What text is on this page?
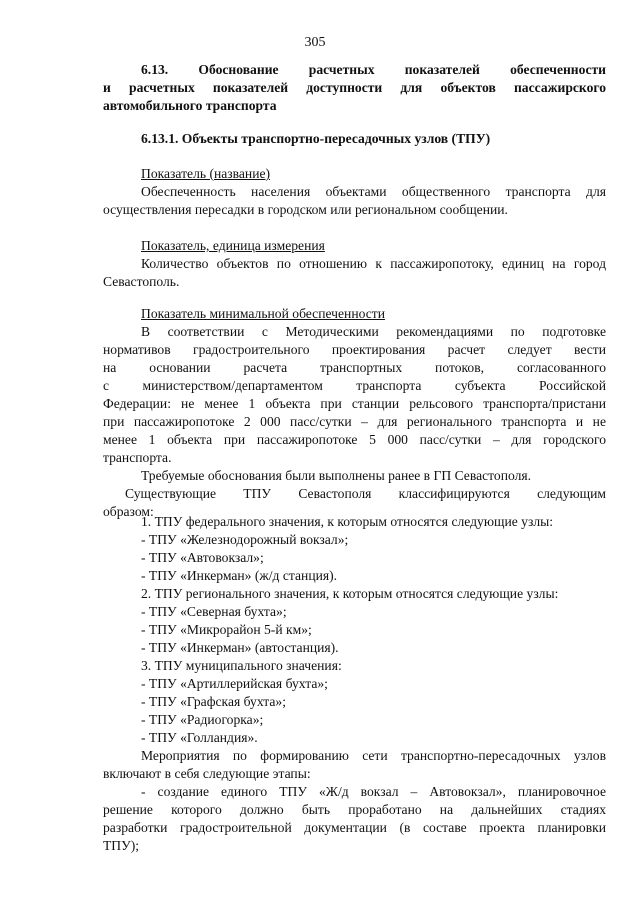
305
6.13. Обоснование расчетных показателей обеспеченности
и расчетных показателей доступности для объектов пассажирского
автомобильного транспорта
6.13.1. Объекты транспортно-пересадочных узлов (ТПУ)
Показатель (название)
Обеспеченность населения объектами общественного транспорта для осуществления пересадки в городском или региональном сообщении.
Показатель, единица измерения
Количество объектов по отношению к пассажиропотоку, единиц на город Севастополь.
Показатель минимальной обеспеченности
В соответствии с Методическими рекомендациями по подготовке
нормативов градостроительного проектирования расчет следует вести
на основании расчета транспортных потоков, согласованного
с министерством/департаментом транспорта субъекта Российской
Федерации: не менее 1 объекта при станции рельсового транспорта/пристани
при пассажиропотоке 2 000 пасс/сутки – для регионального транспорта и не
менее 1 объекта при пассажиропотоке 5 000 пасс/сутки – для городского
транспорта.
Требуемые обоснования были выполнены ранее в ГП Севастополя.
Существующие ТПУ Севастополя классифицируются следующим
образом:
1. ТПУ федерального значения, к которым относятся следующие узлы:
- ТПУ «Железнодорожный вокзал»;
- ТПУ «Автовокзал»;
- ТПУ «Инкерман» (ж/д станция).
2. ТПУ регионального значения, к которым относятся следующие узлы:
- ТПУ «Северная бухта»;
- ТПУ «Микрорайон 5-й км»;
- ТПУ «Инкерман» (автостанция).
3. ТПУ муниципального значения:
- ТПУ «Артиллерийская бухта»;
- ТПУ «Графская бухта»;
- ТПУ «Радиогорка»;
- ТПУ «Голландия».
Мероприятия по формированию сети транспортно-пересадочных узлов
включают в себя следующие этапы:
- создание единого ТПУ «Ж/д вокзал – Автовокзал», планировочное
решение которого должно быть проработано на дальнейших стадиях
разработки градостроительной документации (в составе проекта планировки
ТПУ);
